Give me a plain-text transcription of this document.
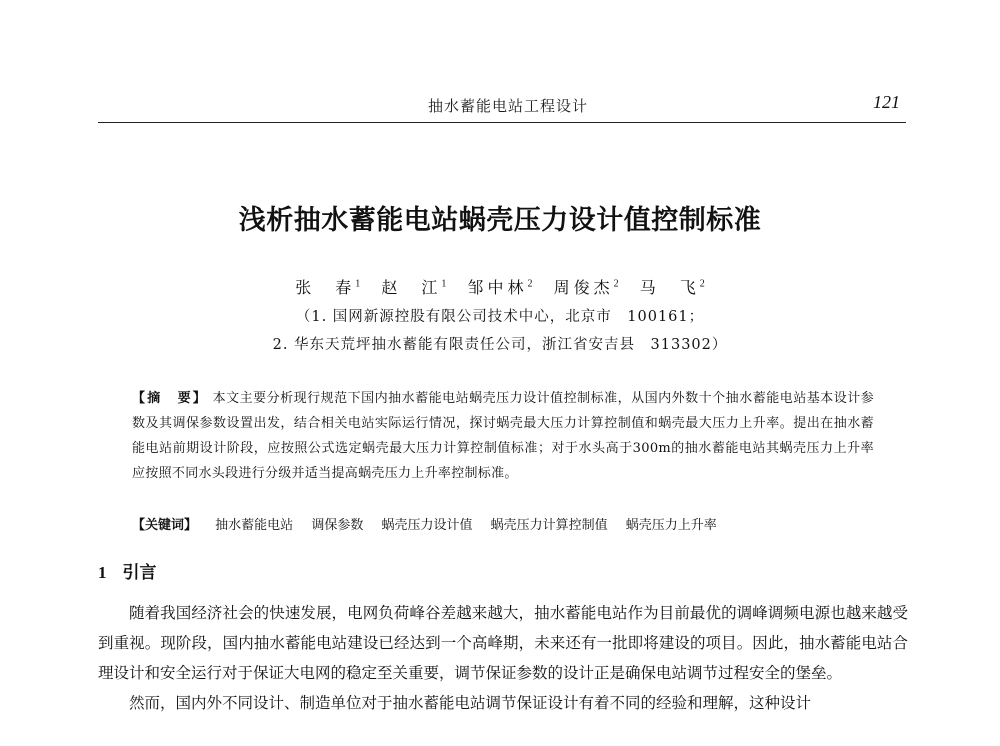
抽水蓄能电站工程设计	121
浅析抽水蓄能电站蜗壳压力设计值控制标准
张　春$^1$ 赵　江$^1$ 邹中林$^2$ 周俊杰$^2$ 马　飞$^2$
（1. 国网新源控股有限公司技术中心，北京市　100161；
2. 华东天荒坪抽水蓄能有限责任公司，浙江省安吉县　313302）
【摘　要】 本文主要分析现行规范下国内抽水蓄能电站蜗壳压力设计值控制标准，从国内外数十个抽水蓄能电站基本设计参数及其调保参数设置出发，结合相关电站实际运行情况，探讨蜗壳最大压力计算控制值和蜗壳最大压力上升率。提出在抽水蓄能电站前期设计阶段，应按照公式选定蜗壳最大压力计算控制值标准；对于水头高于300m的抽水蓄能电站其蜗壳压力上升率应按照不同水头段进行分级并适当提高蜗壳压力上升率控制标准。
【关键词】 抽水蓄能电站 调保参数 蜗壳压力设计值 蜗壳压力计算控制值 蜗壳压力上升率
1 引言

随着我国经济社会的快速发展，电网负荷峰谷差越来越大，抽水蓄能电站作为目前最优的调峰调频电源也越来越受到重视。现阶段，国内抽水蓄能电站建设已经达到一个高峰期，未来还有一批即将建设的项目。因此，抽水蓄能电站合理设计和安全运行对于保证大电网的稳定至关重要，调节保证参数的设计正是确保电站调节过程安全的堡垒。

然而，国内外不同设计、制造单位对于抽水蓄能电站调节保证设计有着不同的经验和理解，这种设计
